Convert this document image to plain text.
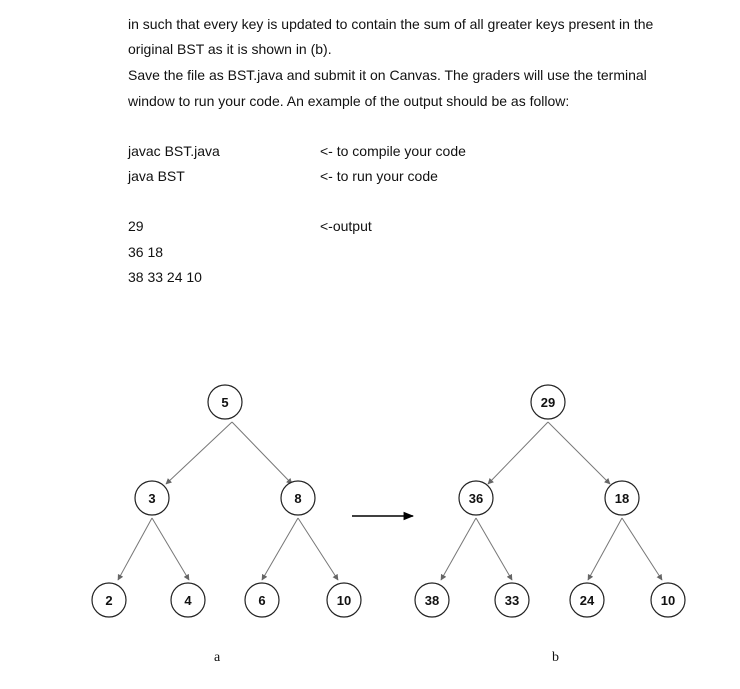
in such that every key is updated to contain the sum of all greater keys present in the
original BST as it is shown in (b).
Save the file as BST.java and submit it on Canvas. The graders will use the terminal
window to run your code. An example of the output should be as follow:
javac BST.java	<- to compile your code
java BST	<- to run your code
29	<-output
36 18
38 33 24 10
5
3	8
2	4	6	10
29
36	18
38	33	24	10
a	b
